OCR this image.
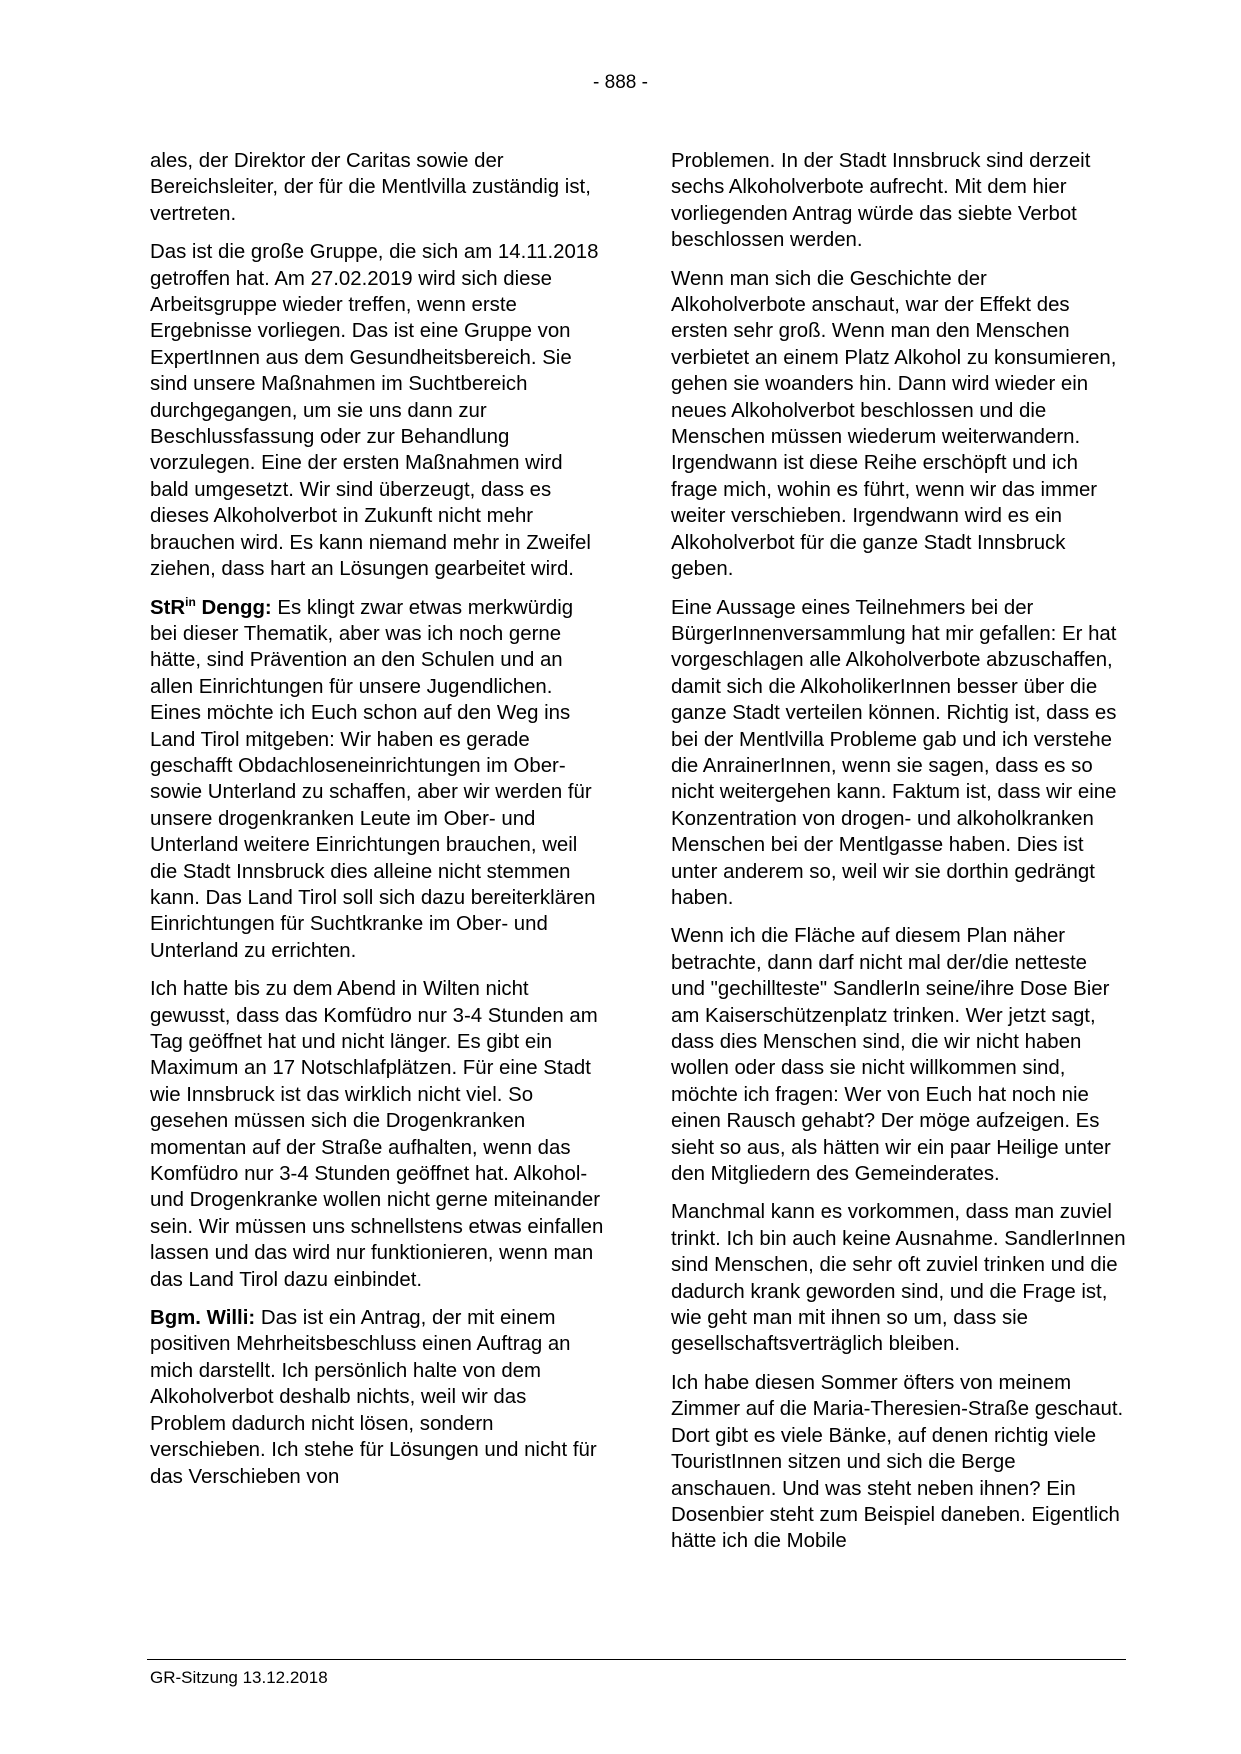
- 888 -

ales, der Direktor der Caritas sowie der Bereichsleiter, der für die Mentlvilla zuständig ist, vertreten.

Das ist die große Gruppe, die sich am 14.11.2018 getroffen hat. Am 27.02.2019 wird sich diese Arbeitsgruppe wieder treffen, wenn erste Ergebnisse vorliegen. Das ist eine Gruppe von ExpertInnen aus dem Gesundheitsbereich. Sie sind unsere Maßnahmen im Suchtbereich durchgegangen, um sie uns dann zur Beschlussfassung oder zur Behandlung vorzulegen. Eine der ersten Maßnahmen wird bald umgesetzt. Wir sind überzeugt, dass es dieses Alkoholverbot in Zukunft nicht mehr brauchen wird. Es kann niemand mehr in Zweifel ziehen, dass hart an Lösungen gearbeitet wird.

StR$^{in}$ Dengg: Es klingt zwar etwas merkwürdig bei dieser Thematik, aber was ich noch gerne hätte, sind Prävention an den Schulen und an allen Einrichtungen für unsere Jugendlichen. Eines möchte ich Euch schon auf den Weg ins Land Tirol mitgeben: Wir haben es gerade geschafft Obdachloseneinrichtungen im Ober- sowie Unterland zu schaffen, aber wir werden für unsere drogenkranken Leute im Ober- und Unterland weitere Einrichtungen brauchen, weil die Stadt Innsbruck dies alleine nicht stemmen kann. Das Land Tirol soll sich dazu bereiterklären Einrichtungen für Suchtkranke im Ober- und Unterland zu errichten.

Ich hatte bis zu dem Abend in Wilten nicht gewusst, dass das Komfüdro nur 3-4 Stunden am Tag geöffnet hat und nicht länger. Es gibt ein Maximum an 17 Notschlafplätzen. Für eine Stadt wie Innsbruck ist das wirklich nicht viel. So gesehen müssen sich die Drogenkranken momentan auf der Straße aufhalten, wenn das Komfüdro nur 3-4 Stunden geöffnet hat. Alkohol- und Drogenkranke wollen nicht gerne miteinander sein. Wir müssen uns schnellstens etwas einfallen lassen und das wird nur funktionieren, wenn man das Land Tirol dazu einbindet.

Bgm. Willi: Das ist ein Antrag, der mit einem positiven Mehrheitsbeschluss einen Auftrag an mich darstellt. Ich persönlich halte von dem Alkoholverbot deshalb nichts, weil wir das Problem dadurch nicht lösen, sondern verschieben. Ich stehe für Lösungen und nicht für das Verschieben von

Problemen. In der Stadt Innsbruck sind derzeit sechs Alkoholverbote aufrecht. Mit dem hier vorliegenden Antrag würde das siebte Verbot beschlossen werden.

Wenn man sich die Geschichte der Alkoholverbote anschaut, war der Effekt des ersten sehr groß. Wenn man den Menschen verbietet an einem Platz Alkohol zu konsumieren, gehen sie woanders hin. Dann wird wieder ein neues Alkoholverbot beschlossen und die Menschen müssen wiederum weiterwandern. Irgendwann ist diese Reihe erschöpft und ich frage mich, wohin es führt, wenn wir das immer weiter verschieben. Irgendwann wird es ein Alkoholverbot für die ganze Stadt Innsbruck geben.

Eine Aussage eines Teilnehmers bei der BürgerInnenversammlung hat mir gefallen: Er hat vorgeschlagen alle Alkoholverbote abzuschaffen, damit sich die AlkoholikerInnen besser über die ganze Stadt verteilen können. Richtig ist, dass es bei der Mentlvilla Probleme gab und ich verstehe die AnrainerInnen, wenn sie sagen, dass es so nicht weitergehen kann. Faktum ist, dass wir eine Konzentration von drogen- und alkoholkranken Menschen bei der Mentlgasse haben. Dies ist unter anderem so, weil wir sie dorthin gedrängt haben.

Wenn ich die Fläche auf diesem Plan näher betrachte, dann darf nicht mal der/die netteste und "gechillteste" SandlerIn seine/ihre Dose Bier am Kaiserschützenplatz trinken. Wer jetzt sagt, dass dies Menschen sind, die wir nicht haben wollen oder dass sie nicht willkommen sind, möchte ich fragen: Wer von Euch hat noch nie einen Rausch gehabt? Der möge aufzeigen. Es sieht so aus, als hätten wir ein paar Heilige unter den Mitgliedern des Gemeinderates.

Manchmal kann es vorkommen, dass man zuviel trinkt. Ich bin auch keine Ausnahme. SandlerInnen sind Menschen, die sehr oft zuviel trinken und die dadurch krank geworden sind, und die Frage ist, wie geht man mit ihnen so um, dass sie gesellschaftsverträglich bleiben.

Ich habe diesen Sommer öfters von meinem Zimmer auf die Maria-Theresien-Straße geschaut. Dort gibt es viele Bänke, auf denen richtig viele TouristInnen sitzen und sich die Berge anschauen. Und was steht neben ihnen? Ein Dosenbier steht zum Beispiel daneben. Eigentlich hätte ich die Mobile

GR-Sitzung 13.12.2018
